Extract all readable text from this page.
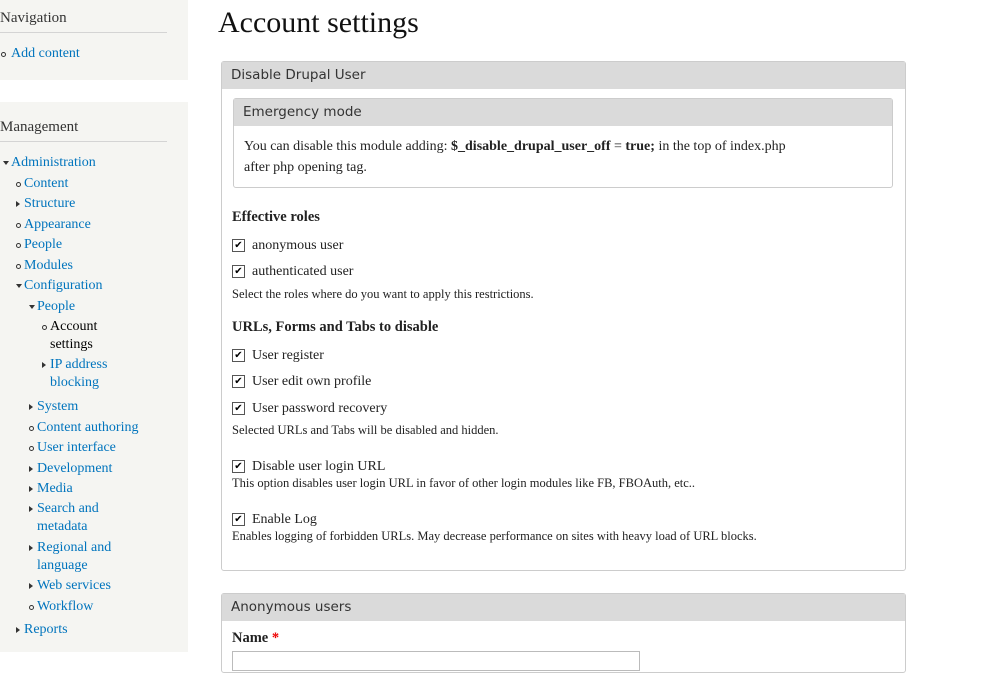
Navigation
Add content
Management
Administration
Content
Structure
Appearance
People
Modules
Configuration
People
Account settings
IP address blocking
System
Content authoring
User interface
Development
Media
Search and metadata
Regional and language
Web services
Workflow
Reports
Account settings
Disable Drupal User
Emergency mode
You can disable this module adding: $_disable_drupal_user_off = true; in the top of index.php
after php opening tag.
Effective roles
✔ anonymous user
✔ authenticated user
✔ User register
✔ User edit own profile
✔ User password recovery
✔ Disable user login URL
✔ Enable Log
Select the roles where do you want to apply this restrictions.
URLs, Forms and Tabs to disable
Selected URLs and Tabs will be disabled and hidden.
This option disables user login URL in favor of other login modules like FB, FBOAuth, etc..
Enables logging of forbidden URLs. May decrease performance on sites with heavy load of URL blocks.
Anonymous users
Name *
